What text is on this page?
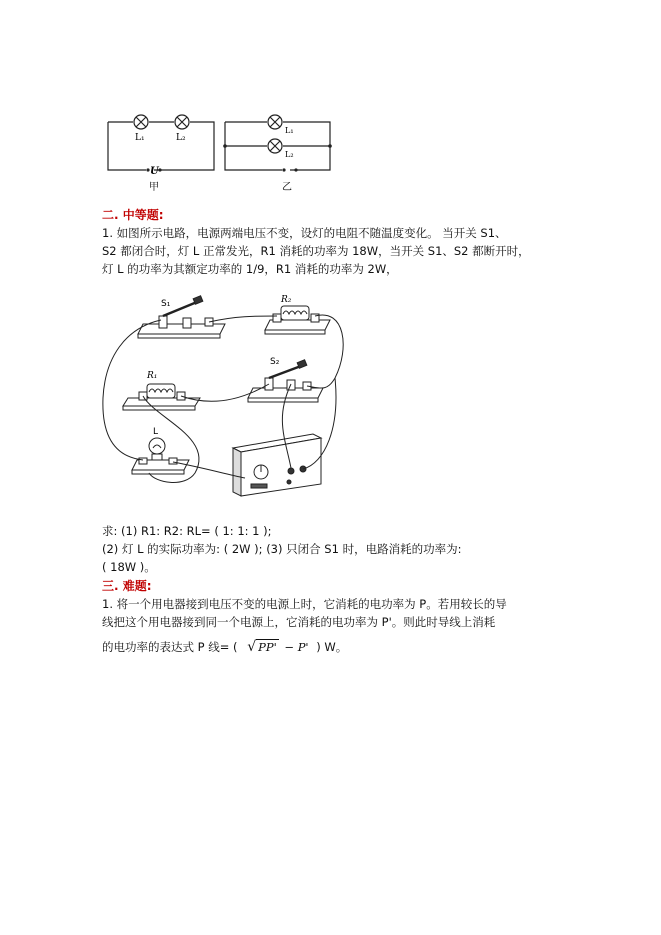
L₁	L₂
U
甲
L₁
L₂
乙
二. 中等题:
1. 如图所示电路，电源两端电压不变，设灯的电阻不随温度变化。 当开关 S1、
S2 都闭合时，灯 L 正常发光，R1 消耗的功率为 18W，当开关 S1、S2 都断开时，
灯 L 的功率为其额定功率的 1/9，R1 消耗的功率为 2W，
S₁	R₂
R₁
S₂
L
求: (1) R1: R2: RL= ( 1: 1: 1 );
(2) 灯 L 的实际功率为: ( 2W ); (3) 只闭合 S1 时，电路消耗的功率为:
( 18W )。
三. 难题:
1. 将一个用电器接到电压不变的电源上时，它消耗的电功率为 P。若用较长的导
线把这个用电器接到同一个电源上，它消耗的电功率为 P'。则此时导线上消耗
的电功率的表达式 P 线= ( √ PP' − P' ) W。
